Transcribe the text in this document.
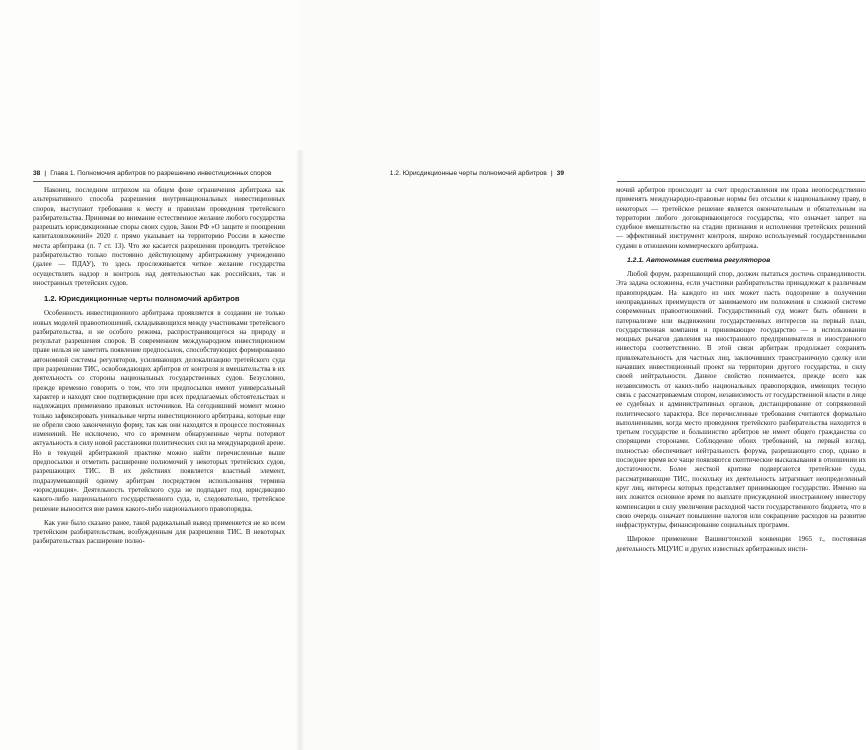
38 | Глава 1. Полномочия арбитров по разрешению инвестиционных споров

Наконец, последним штрихом на общем фоне ограничения арбитража как альтернативного способа разрешения внутринациональных инвестиционных споров, выступают требования к месту и правилам проведения третейского разбирательства. Принимая во внимание естественное желание любого государства разрешать юрисдикционные споры своих судов, Закон РФ «О защите и поощрении капиталовложений» 2020 г. прямо указывает на территорию России в качестве места арбитража (п. 7 ст. 13). Что же касается разрешения проводить третейское разбирательство только постоянно действующему арбитражному учреждению (далее — ПДАУ), то здесь прослеживается четкое желание государства осуществлять надзор и контроль над деятельностью как российских, так и иностранных третейских судов.

1.2. Юрисдикционные черты полномочий арбитров

Особенность инвестиционного арбитража проявляется в создании не только новых моделей правоотношений, складывающихся между участниками третейского разбирательства, и не особого режима, распространяющегося на природу и результат разрешения споров. В современном международном инвестиционном праве нельзя не заметить появление предпосылок, способствующих формированию автономной системы регуляторов, усиливающих делокализацию третейского суда при разрешении ТИС, освобождающих арбитров от контроля и вмешательства в их деятельность со стороны национальных государственных судов. Безусловно, прежде временно говорить о том, что эти предпосылки имеют универсальный характер и находят свое подтверждение при всех предлагаемых обстоятельствах и надлежащих применению правовых источников. На сегодняшний момент можно только зафиксировать уникальные черты инвестиционного арбитража, которые еще не обрели свою законченную форму, так как они находятся в процессе постоянных изменений. Не исключено, что со временем обнаруженные черты потеряют актуальность в силу новой расстановки политических сил на международной арене. Но в текущей арбитражной практике можно найти перечисленные выше предпосылки и отметить расширение полномочий у некоторых третейских судов, разрешающих ТИС. В их действиях появляется властный элемент, подразумевающий одному арбитрам посредством использования термина «юрисдикция». Деятельность третейского суда не подпадает под юрисдикцию какого-либо национального государственного суда, и, следовательно, третейское решение выносится вне рамок какого-либо национального правопорядка.

Как уже было сказано ранее, такой радикальный вывод применяется не ко всем третейским разбирательствам, возбужденным для разрешения ТИС. В некоторых разбирательствах расширение полно-

1.2. Юрисдикционные черты полномочий арбитров | 39

мочий арбитров происходит за счет предоставления им права неопосредственно применять международно-правовые нормы без отсылки к национальному праву, в некоторых — третейское решение является окончательным и обязательным на территории любого договаривающегося государства, что означает запрет на судебное вмешательство на стадии признания и исполнения третейских решений — эффективный инструмент контроля, широко используемый государственными судами в отношении коммерческого арбитража.

1.2.1. Автономная система регуляторов

Любой форум, разрешающий спор, должен пытаться достичь справедливости. Эта задача осложнена, если участники разбирательства принадлежат к различным правопорядкам. На каждого из них может пасть подозрение в получении неоправданных преимуществ от занимаемого им положения в сложной системе современных правоотношений. Государственный суд может быть обвинен в патернализме или выдвижении государственных интересов на первый план, государственная компания и принимающее государство — в использовании мощных рычагов давления на иностранного предпринимателя и иностранного инвестора соответственно. В этой связи арбитраж продолжает сохранять привлекательность для частных лиц, заключивших трансграничную сделку или начавших инвестиционный проект на территории другого государства, в силу своей нейтральности. Данное свойство понимается, прежде всего как независимость от каких-либо национальных правопорядков, имеющих тесную связь с рассматриваемым спором, независимость от государственной власти в лице ее судебных и административных органов, дистанцирование от сопряженной политического характера. Все перечисленные требования считаются формально выполненными, когда место проведения третейского разбирательства находится в третьем государстве и большинство арбитров не имеет общего гражданства со спорящими сторонами. Соблюдение обоих требований, на первый взгляд, полностью обеспечивает нейтральность форума, разрешающего спор, однако в последнее время все чаще появляются скептические высказывания в отношении их достаточности. Более жесткой критике подвергаются третейские суды, рассматривающие ТИС, поскольку их деятельность затрагивает неопределенный круг лиц, интересы которых представляет принимающее государство. Именно на них ложится основное время по выплате присужденной иностранному инвестору компенсации в силу увеличения расходной части государственного бюджета, что в свою очередь означает повышение налогов или сокращение расходов на развитие инфраструктуры, финансирование социальных программ.

Широкое применение Вашингтонской конвенции 1965 г., постоянная деятельность МЦУИС и других известных арбитражных инсти-
